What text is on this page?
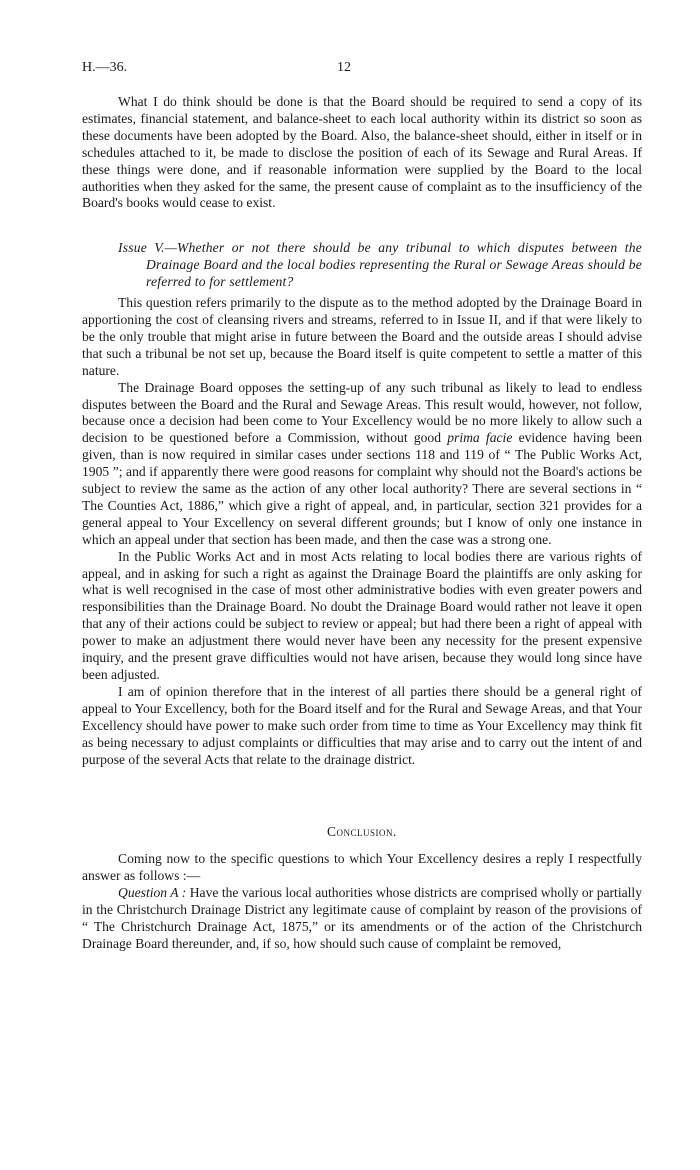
H.—36.	12

What I do think should be done is that the Board should be required to send a copy of its estimates, financial statement, and balance-sheet to each local authority within its district so soon as these documents have been adopted by the Board. Also, the balance-sheet should, either in itself or in schedules attached to it, be made to disclose the position of each of its Sewage and Rural Areas. If these things were done, and if reasonable information were supplied by the Board to the local authorities when they asked for the same, the present cause of complaint as to the insufficiency of the Board's books would cease to exist.

Issue V.—Whether or not there should be any tribunal to which disputes between the Drainage Board and the local bodies representing the Rural or Sewage Areas should be referred to for settlement?

This question refers primarily to the dispute as to the method adopted by the Drainage Board in apportioning the cost of cleansing rivers and streams, referred to in Issue II, and if that were likely to be the only trouble that might arise in future between the Board and the outside areas I should advise that such a tribunal be not set up, because the Board itself is quite competent to settle a matter of this nature.

The Drainage Board opposes the setting-up of any such tribunal as likely to lead to endless disputes between the Board and the Rural and Sewage Areas. This result would, however, not follow, because once a decision had been come to Your Excellency would be no more likely to allow such a decision to be questioned before a Commission, without good prima facie evidence having been given, than is now required in similar cases under sections 118 and 119 of “ The Public Works Act, 1905 ”; and if apparently there were good reasons for complaint why should not the Board's actions be subject to review the same as the action of any other local authority? There are several sections in “ The Counties Act, 1886,” which give a right of appeal, and, in particular, section 321 provides for a general appeal to Your Excellency on several different grounds; but I know of only one instance in which an appeal under that section has been made, and then the case was a strong one.

In the Public Works Act and in most Acts relating to local bodies there are various rights of appeal, and in asking for such a right as against the Drainage Board the plaintiffs are only asking for what is well recognised in the case of most other administrative bodies with even greater powers and responsibilities than the Drainage Board. No doubt the Drainage Board would rather not leave it open that any of their actions could be subject to review or appeal; but had there been a right of appeal with power to make an adjustment there would never have been any necessity for the present expensive inquiry, and the present grave difficulties would not have arisen, because they would long since have been adjusted.

I am of opinion therefore that in the interest of all parties there should be a general right of appeal to Your Excellency, both for the Board itself and for the Rural and Sewage Areas, and that Your Excellency should have power to make such order from time to time as Your Excellency may think fit as being necessary to adjust complaints or difficulties that may arise and to carry out the intent of and purpose of the several Acts that relate to the drainage district.

Conclusion.

Coming now to the specific questions to which Your Excellency desires a reply I respectfully answer as follows :—

Question A : Have the various local authorities whose districts are comprised wholly or partially in the Christchurch Drainage District any legitimate cause of complaint by reason of the provisions of “ The Christchurch Drainage Act, 1875,” or its amendments or of the action of the Christchurch Drainage Board thereunder, and, if so, how should such cause of complaint be removed,
